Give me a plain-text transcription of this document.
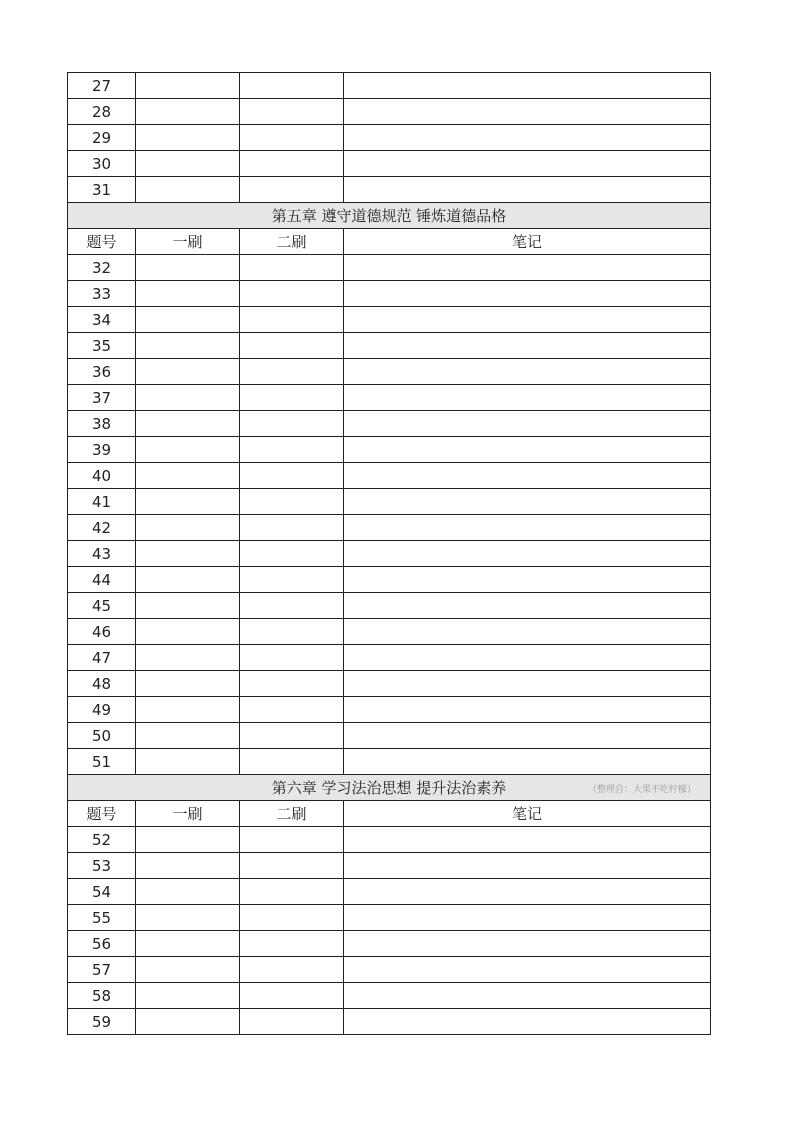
27			
28			
29			
30			
31			
第五章 遵守道德规范 锤炼道德品格			
题号	一刷	二刷	笔记
32			
33			
34			
35			
36			
37			
38			
39			
40			
41			
42			
43			
44			
45			
46			
47			
48			
49			
50			
51			
第六章 学习法治思想 提升法治素养 （整理自：大果不吃柠檬）			

题号	一刷	二刷	笔记
52			
53			
54			
55			
56			
57			
58			
59			
